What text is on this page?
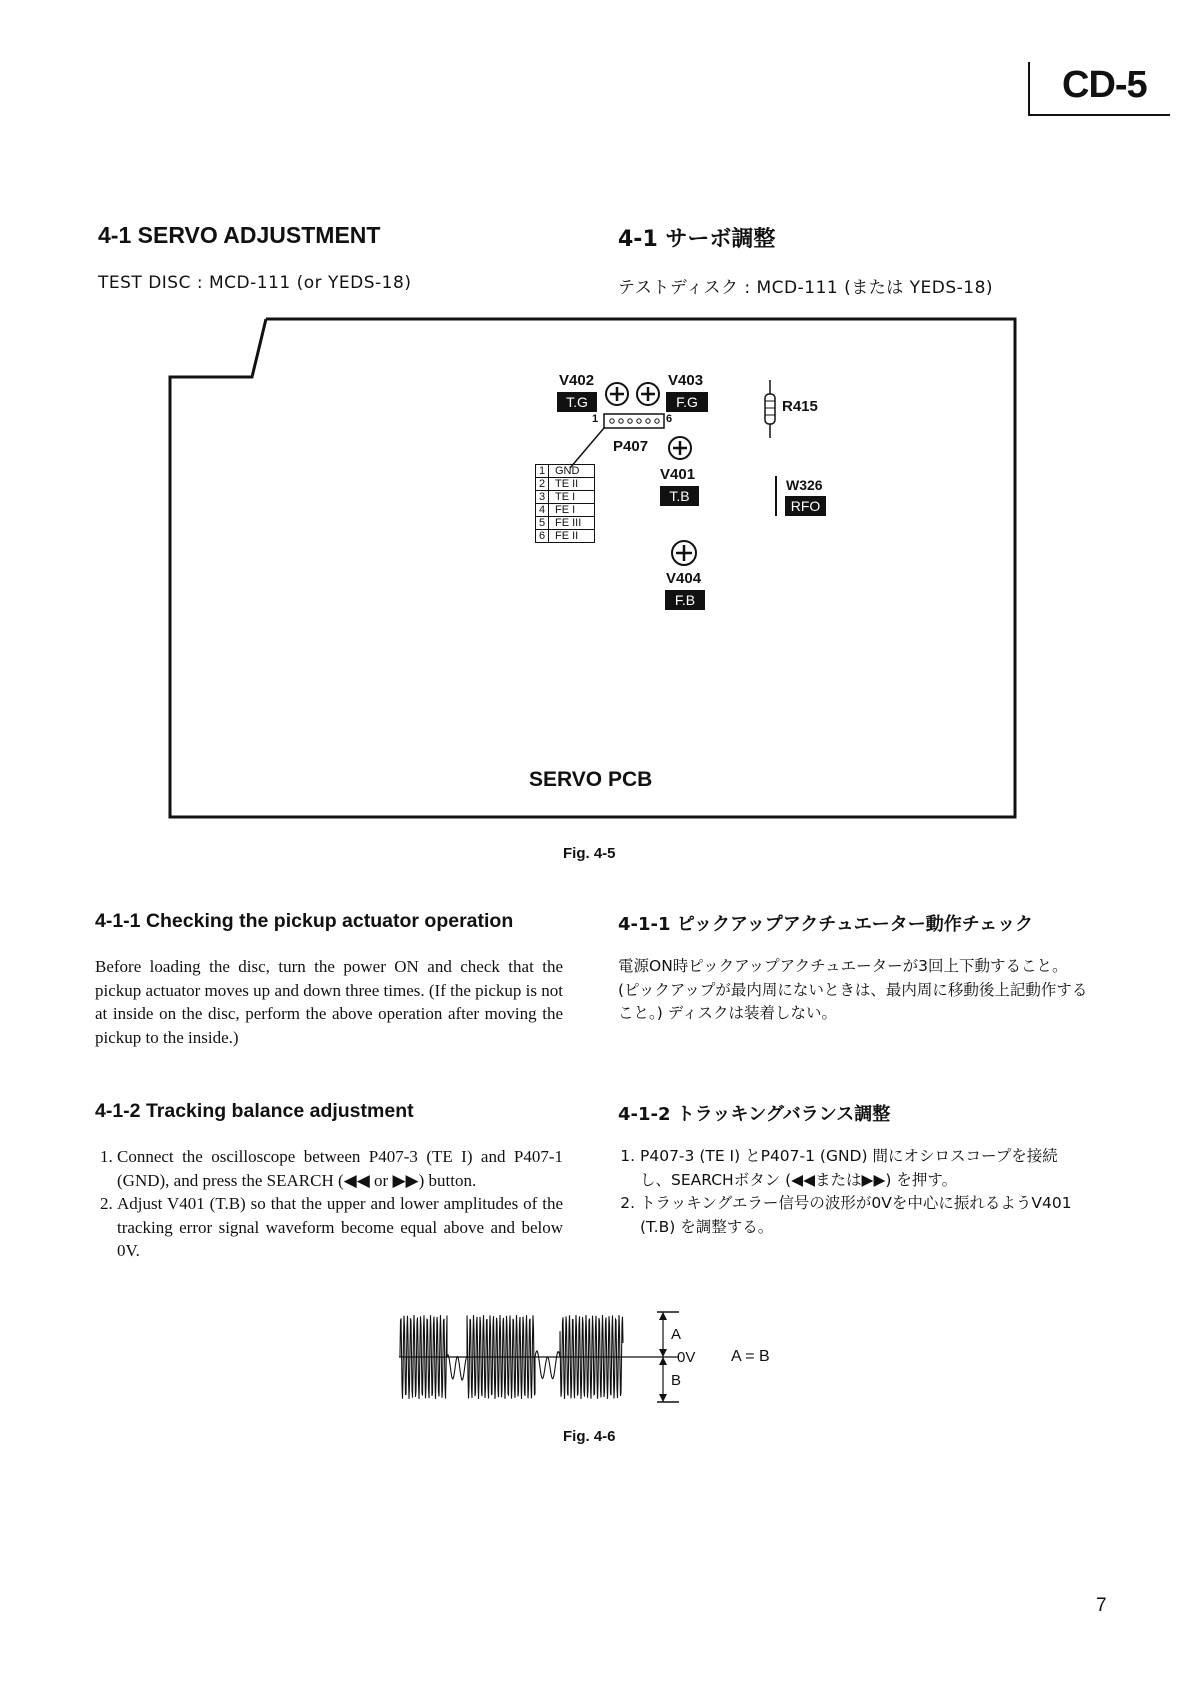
CD-5
4-1 SERVO ADJUSTMENT	4-1 サーボ調整
TEST DISC : MCD-111 (or YEDS-18)	テストディスク : MCD-111 (または YEDS-18)
V402
T.G
V403
F.G
1	6
P407
V401
T.B
V404
F.B
R415
W326
RFO
1 GND
2 TE II
3 TE I
4 FE I
5 FE III
6 FE II
SERVO PCB
Fig. 4-5
4-1-1 Checking the pickup actuator operation	4-1-1 ピックアップアクチュエーター動作チェック
Before loading the disc, turn the power ON and check that the pickup actuator moves up and down three times. (If the pickup is not at inside on the disc, perform the above operation after moving the pickup to the inside.)
電源ON時ピックアップアクチュエーターが3回上下動すること。(ピックアップが最内周にないときは、最内周に移動後上記動作すること。) ディスクは装着しない。
4-1-2 Tracking balance adjustment	4-1-2 トラッキングバランス調整
1. Connect the oscilloscope between P407-3 (TE I) and P407-1 (GND), and press the SEARCH (◀◀ or ▶▶) button.
2. Adjust V401 (T.B) so that the upper and lower amplitudes of the tracking error signal waveform become equal above and below 0V.
1. P407-3 (TE I) とP407-1 (GND) 間にオシロスコープを接続し、SEARCHボタン (◀◀または▶▶) を押す。
2. トラッキングエラー信号の波形が0Vを中心に振れるようV401 (T.B) を調整する。
A
0V
B
A = B
Fig. 4-6
7
